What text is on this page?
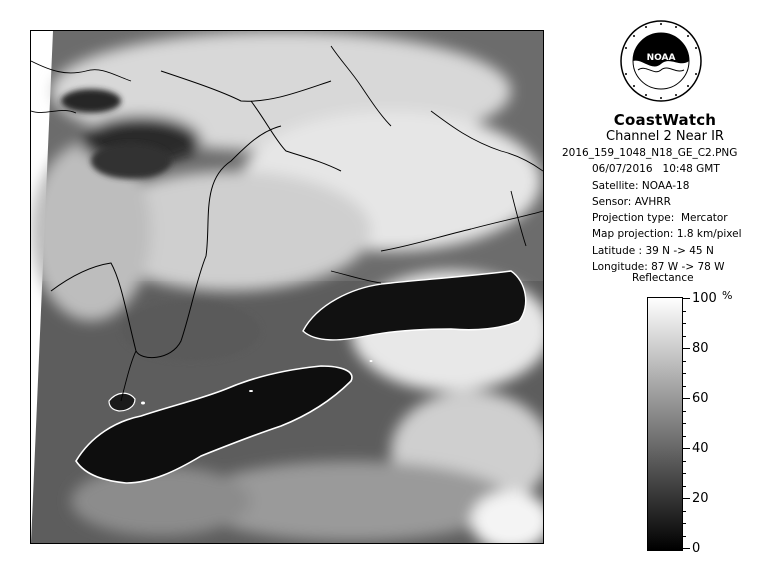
NOAA
CoastWatch
Channel 2 Near IR
2016_159_1048_N18_GE_C2.PNG
06/07/2016 10:48 GMT
Satellite: NOAA-18
Sensor: AVHRR
Projection type: Mercator
Map projection: 1.8 km/pixel
Latitude : 39 N -> 45 N
Longitude: 87 W -> 78 W
Reflectance
%
100
80
60
40
20
0
